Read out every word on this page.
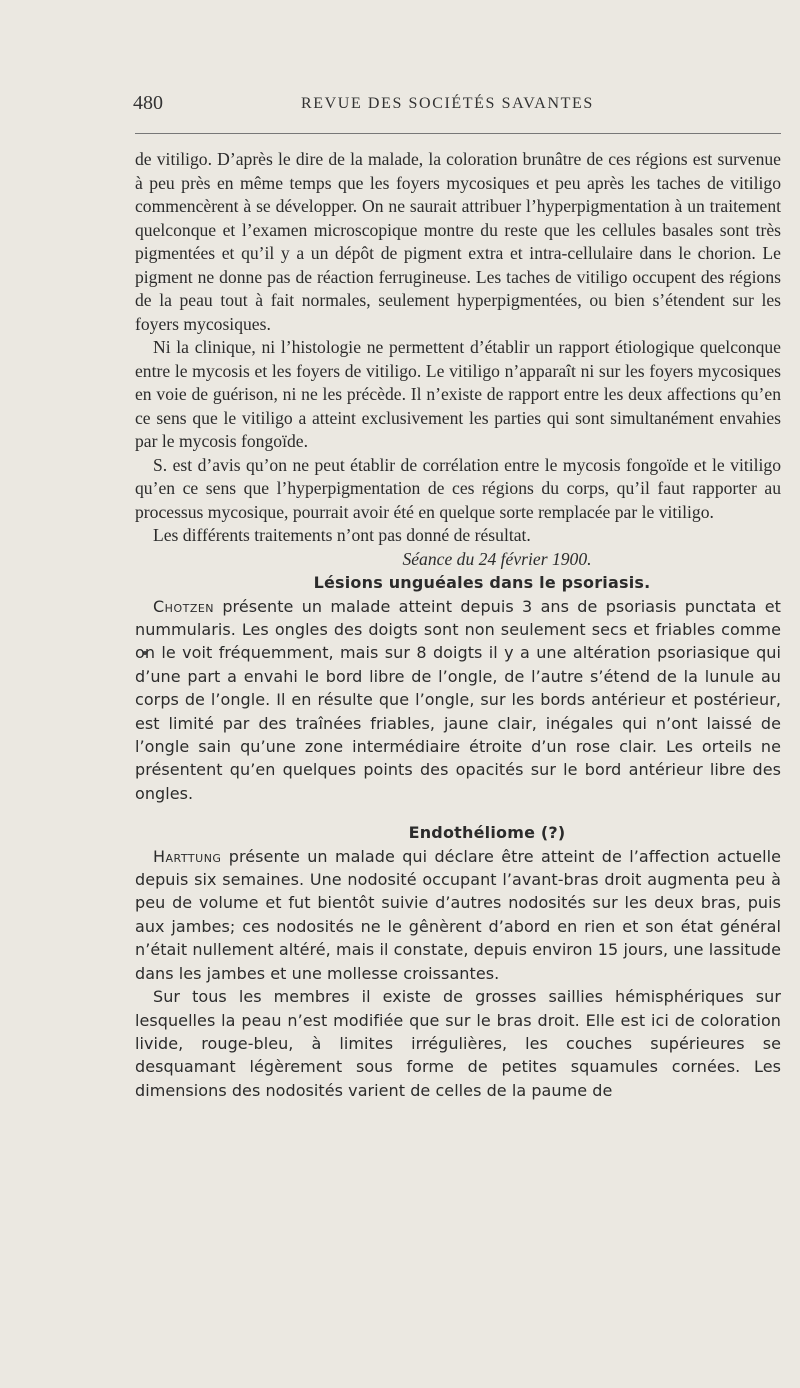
480	REVUE DES SOCIÉTÉS SAVANTES

de vitiligo. D’après le dire de la malade, la coloration brunâtre de ces régions est survenue à peu près en même temps que les foyers mycosiques et peu après les taches de vitiligo commencèrent à se développer. On ne saurait attribuer l’hyperpigmentation à un traitement quelconque et l’examen microscopique montre du reste que les cellules basales sont très pigmentées et qu’il y a un dépôt de pigment extra et intra-cellulaire dans le chorion. Le pigment ne donne pas de réaction ferrugineuse. Les taches de vitiligo occupent des régions de la peau tout à fait normales, seulement hyperpigmentées, ou bien s’étendent sur les foyers mycosiques.

Ni la clinique, ni l’histologie ne permettent d’établir un rapport étiologique quelconque entre le mycosis et les foyers de vitiligo. Le vitiligo n’apparaît ni sur les foyers mycosiques en voie de guérison, ni ne les précède. Il n’existe de rapport entre les deux affections qu’en ce sens que le vitiligo a atteint exclusivement les parties qui sont simultanément envahies par le mycosis fongoïde.

S. est d’avis qu’on ne peut établir de corrélation entre le mycosis fongoïde et le vitiligo qu’en ce sens que l’hyperpigmentation de ces régions du corps, qu’il faut rapporter au processus mycosique, pourrait avoir été en quelque sorte remplacée par le vitiligo.

Les différents traitements n’ont pas donné de résultat.

Séance du 24 février 1900.

Lésions unguéales dans le psoriasis.

Chotzen présente un malade atteint depuis 3 ans de psoriasis punctata et nummularis. Les ongles des doigts sont non seulement secs et friables comme on le voit fréquemment, mais sur 8 doigts il y a une altération psoriasique qui d’une part a envahi le bord libre de l’ongle, de l’autre s’étend de la lunule au corps de l’ongle. Il en résulte que l’ongle, sur les bords antérieur et postérieur, est limité par des traînées friables, jaune clair, inégales qui n’ont laissé de l’ongle sain qu’une zone intermédiaire étroite d’un rose clair. Les orteils ne présentent qu’en quelques points des opacités sur le bord antérieur libre des ongles.

Endothéliome (?)

Harttung présente un malade qui déclare être atteint de l’affection actuelle depuis six semaines. Une nodosité occupant l’avant-bras droit augmenta peu à peu de volume et fut bientôt suivie d’autres nodosités sur les deux bras, puis aux jambes; ces nodosités ne le gênèrent d’abord en rien et son état général n’était nullement altéré, mais il constate, depuis environ 15 jours, une lassitude dans les jambes et une mollesse croissantes.

Sur tous les membres il existe de grosses saillies hémisphériques sur lesquelles la peau n’est modifiée que sur le bras droit. Elle est ici de coloration livide, rouge-bleu, à limites irrégulières, les couches supérieures se desquamant légèrement sous forme de petites squamules cornées. Les dimensions des nodosités varient de celles de la paume de
